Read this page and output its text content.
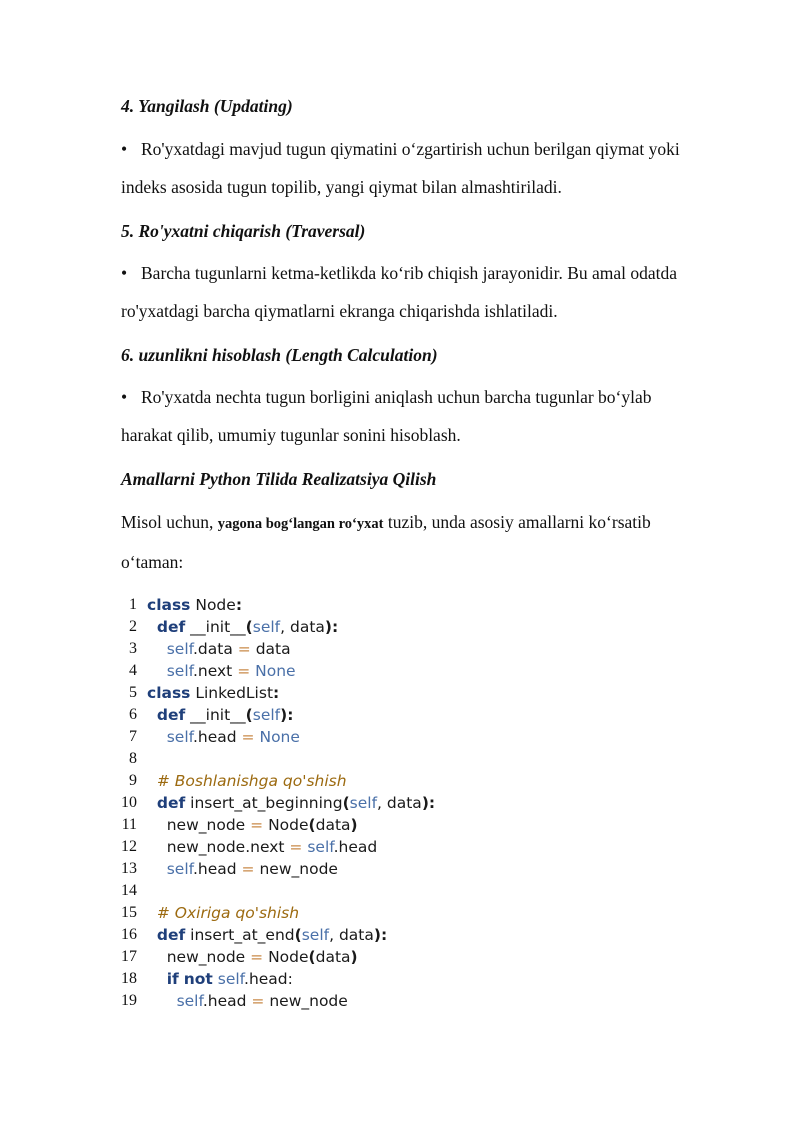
4. Yangilash (Updating)
• Ro'yxatdagi mavjud tugun qiymatini o‘zgartirish uchun berilgan qiymat yoki
indeks asosida tugun topilib, yangi qiymat bilan almashtiriladi.
5. Ro'yxatni chiqarish (Traversal)
• Barcha tugunlarni ketma-ketlikda ko‘rib chiqish jarayonidir. Bu amal odatda
ro'yxatdagi barcha qiymatlarni ekranga chiqarishda ishlatiladi.
6. uzunlikni hisoblash (Length Calculation)
• Ro'yxatda nechta tugun borligini aniqlash uchun barcha tugunlar bo‘ylab
harakat qilib, umumiy tugunlar sonini hisoblash.
Amallarni Python Tilida Realizatsiya Qilish
Misol uchun, yagona bog‘langan ro‘yxat tuzib, unda asosiy amallarni ko‘rsatib
o‘taman:
1 class Node:
2	def __init__(self, data):
3	self.data = data
4	self.next = None
5 class LinkedList:
6	def __init__(self):
7	self.head = None
8
9	# Boshlanishga qo'shish
10	def insert_at_beginning(self, data):
11	new_node = Node(data)
12	new_node.next = self.head
13	self.head = new_node
14
15	# Oxiriga qo'shish
16	def insert_at_end(self, data):
17	new_node = Node(data)
18	if not self.head:
19	self.head = new_node
